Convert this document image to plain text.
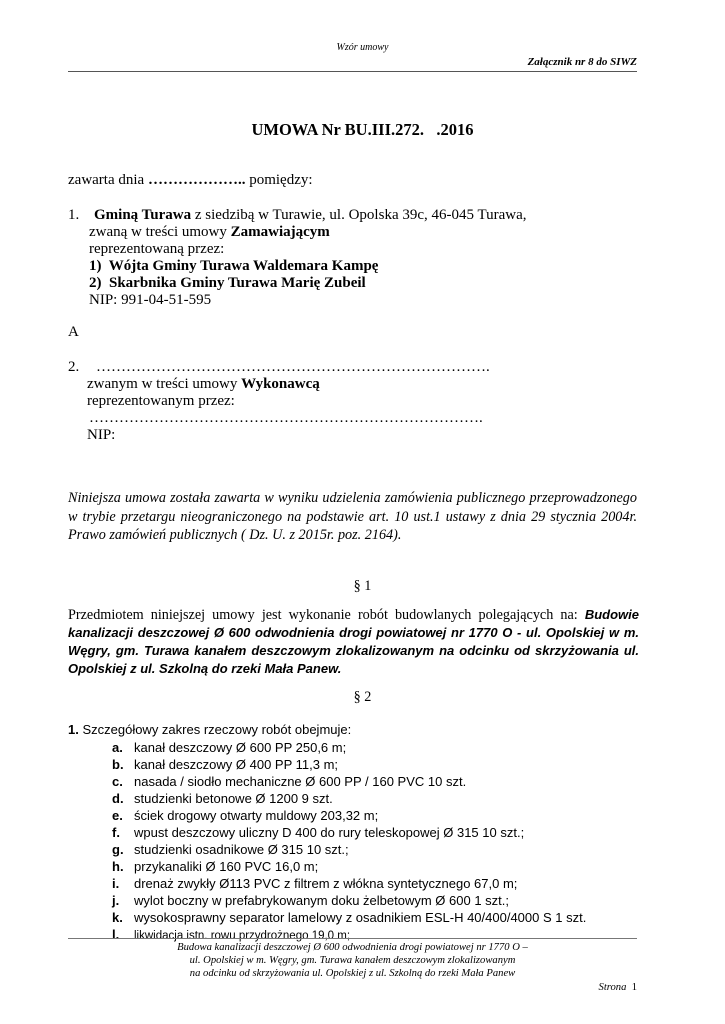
Wzór umowy
Załącznik nr 8 do SIWZ
UMOWA Nr BU.III.272.   .2016
zawarta dnia ……………….. pomiędzy:
1. Gminą Turawa z siedzibą w Turawie, ul. Opolska 39c, 46-045 Turawa,
zwaną w treści umowy Zamawiającym
reprezentowaną przez:
1)  Wójta Gminy Turawa Waldemara Kampę
2)  Skarbnika Gminy Turawa Marię Zubeil
NIP: 991-04-51-595
A
2. …………………………………………………………………….
zwanym w treści umowy Wykonawcą
reprezentowanym przez:
…………………………………………………………………….
NIP:
Niniejsza umowa została zawarta w wyniku udzielenia zamówienia publicznego przeprowadzonego w trybie przetargu nieograniczonego na podstawie art. 10 ust.1 ustawy z dnia 29 stycznia 2004r. Prawo zamówień publicznych ( Dz. U. z 2015r. poz. 2164).
§ 1
Przedmiotem niniejszej umowy jest wykonanie robót budowlanych polegających na: Budowie kanalizacji deszczowej Ø 600 odwodnienia drogi powiatowej nr 1770 O - ul. Opolskiej w m. Węgry, gm. Turawa kanałem deszczowym zlokalizowanym na odcinku od skrzyżowania ul. Opolskiej z ul. Szkolną do rzeki Mała Panew.
§ 2
1. Szczegółowy zakres rzeczowy robót obejmuje:
a. kanał deszczowy Ø 600 PP 250,6 m;
b. kanał deszczowy Ø 400 PP 11,3 m;
c. nasada / siodło mechaniczne Ø 600 PP / 160 PVC 10 szt.
d. studzienki betonowe Ø 1200 9 szt.
e. ściek drogowy otwarty muldowy 203,32 m;
f. wpust deszczowy uliczny D 400 do rury teleskopowej Ø 315 10 szt.;
g. studzienki osadnikowe Ø 315 10 szt.;
h. przykanaliki Ø 160 PVC 16,0 m;
i. drenaż zwykły Ø113 PVC z filtrem z włókna syntetycznego 67,0 m;
j. wylot boczny w prefabrykowanym doku żelbetowym Ø 600 1 szt.;
k. wysokosprawny separator lamelowy z osadnikiem ESL-H 40/400/4000 S 1 szt.
l. likwidacja istn. rowu przydrożnego 19,0 m;
Budowa kanalizacji deszczowej Ø 600 odwodnienia drogi powiatowej nr 1770 O –
ul. Opolskiej w m. Węgry, gm. Turawa kanałem deszczowym zlokalizowanym
na odcinku od skrzyżowania ul. Opolskiej z ul. Szkolną do rzeki Mała Panew
Strona 1
